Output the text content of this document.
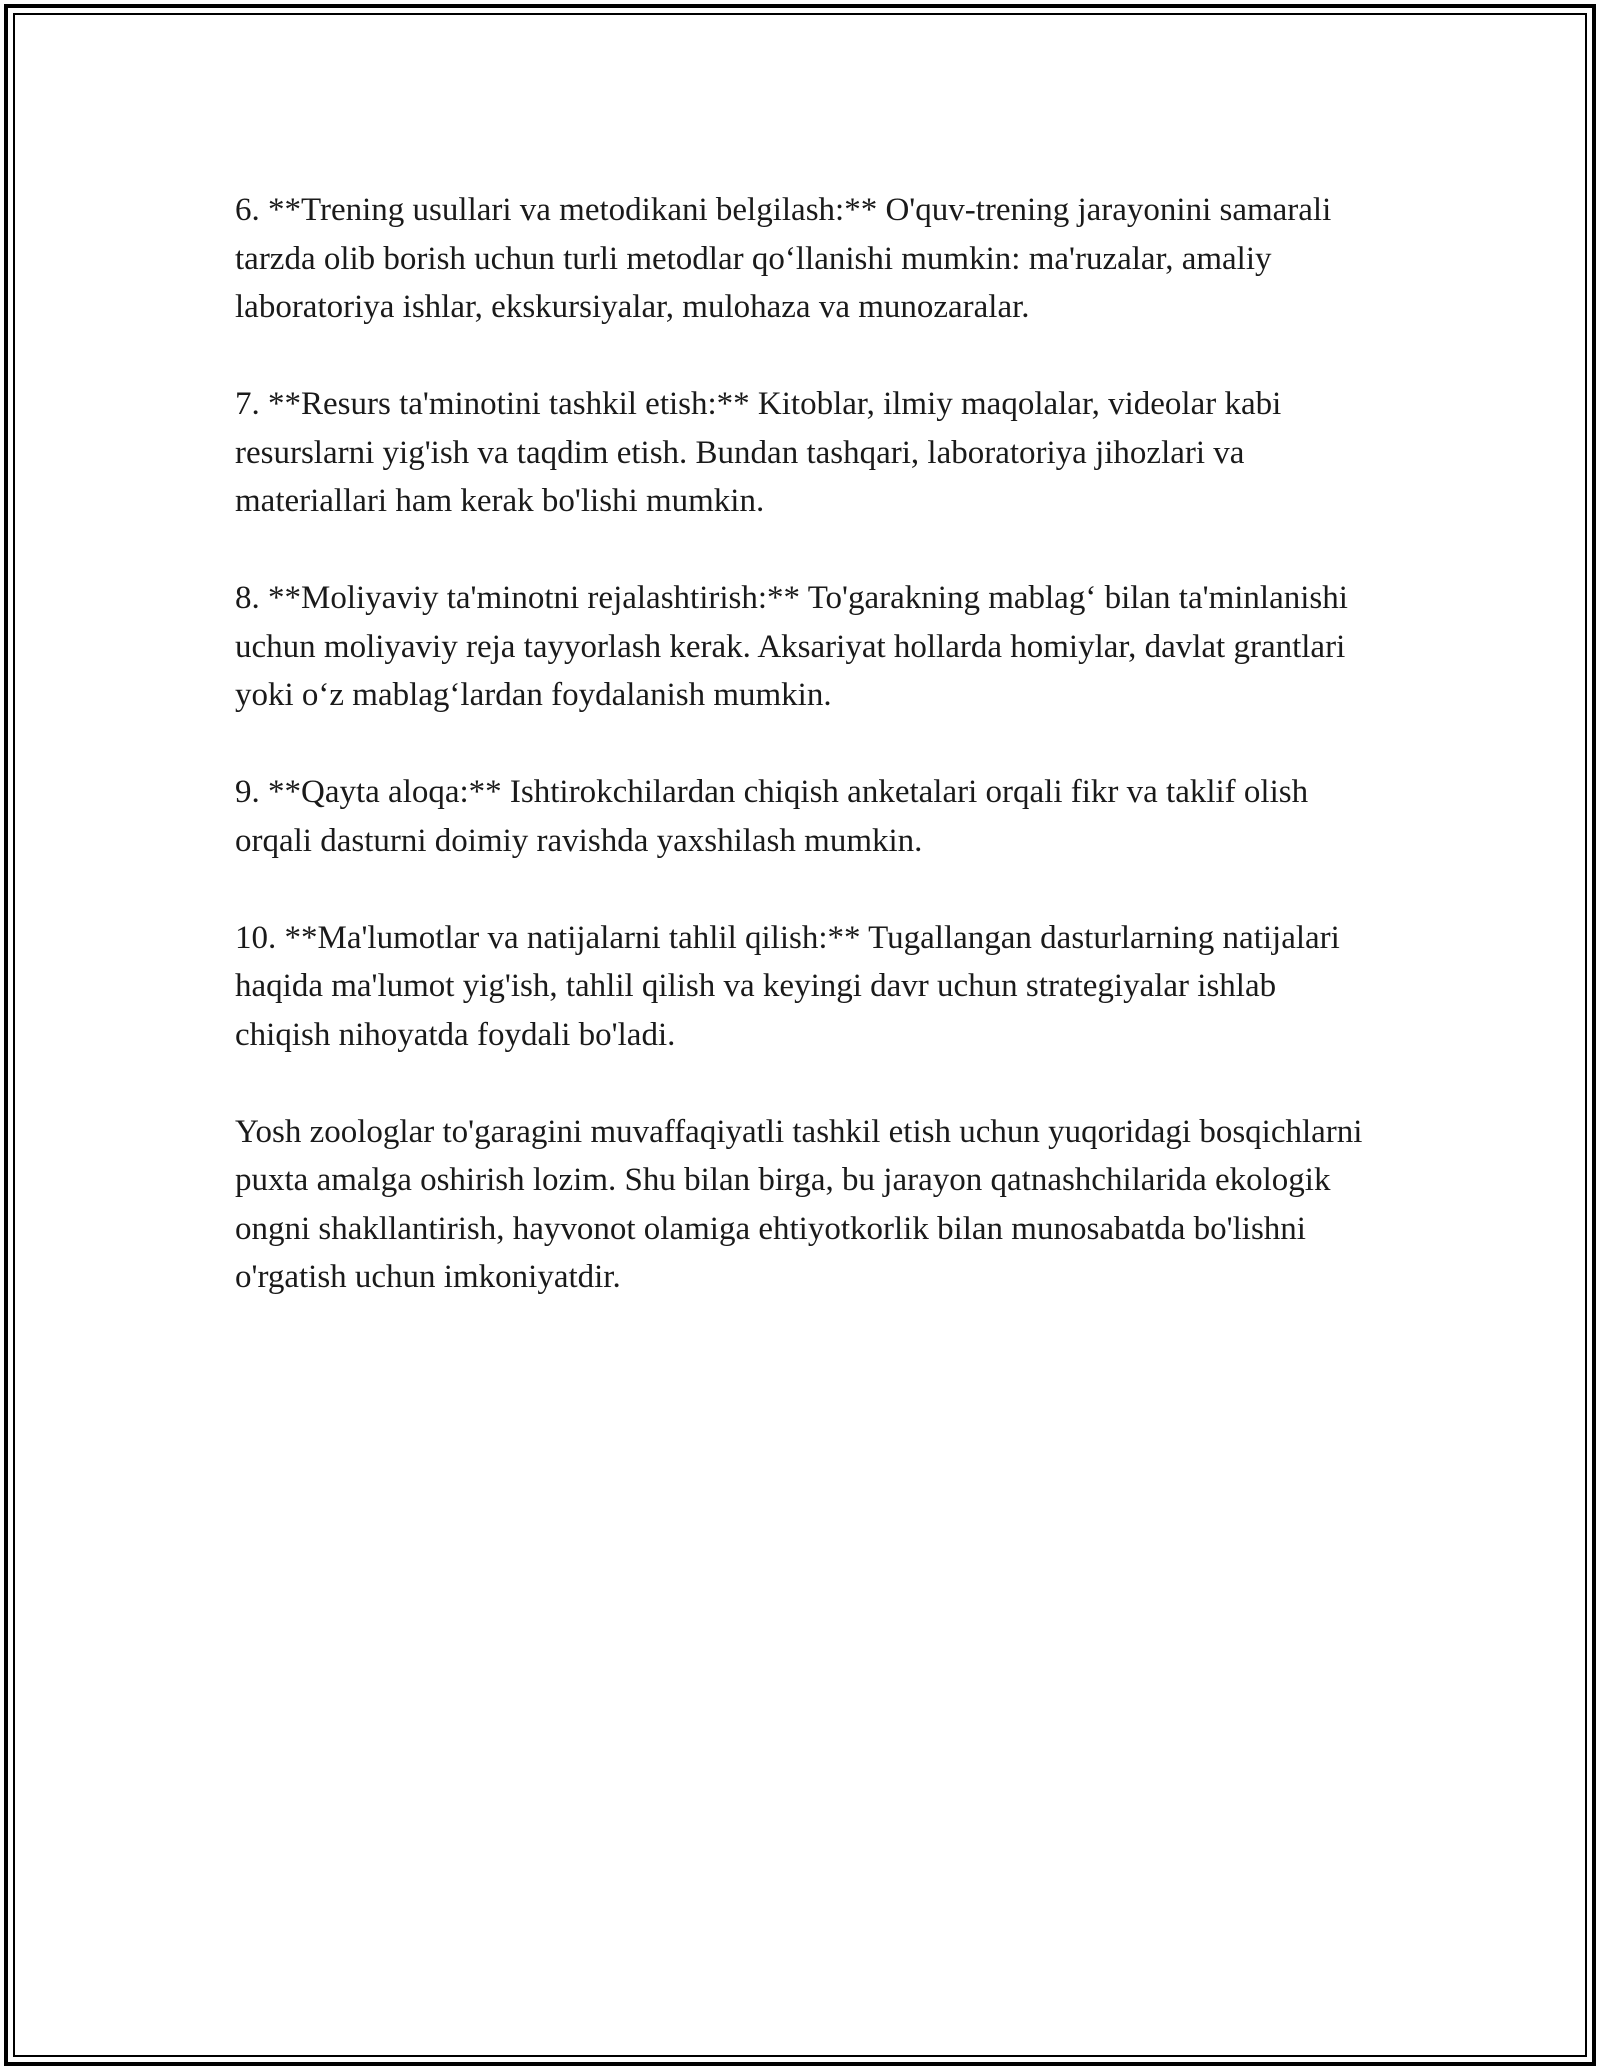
6. **Trening usullari va metodikani belgilash:** O'quv-trening jarayonini samarali tarzda olib borish uchun turli metodlar qo‘llanishi mumkin: ma'ruzalar, amaliy laboratoriya ishlar, ekskursiyalar, mulohaza va munozaralar.

7. **Resurs ta'minotini tashkil etish:** Kitoblar, ilmiy maqolalar, videolar kabi resurslarni yig'ish va taqdim etish. Bundan tashqari, laboratoriya jihozlari va materiallari ham kerak bo'lishi mumkin.

8. **Moliyaviy ta'minotni rejalashtirish:** To'garakning mablag‘ bilan ta'minlanishi uchun moliyaviy reja tayyorlash kerak. Aksariyat hollarda homiylar, davlat grantlari yoki o‘z mablag‘lardan foydalanish mumkin.

9. **Qayta aloqa:** Ishtirokchilardan chiqish anketalari orqali fikr va taklif olish orqali dasturni doimiy ravishda yaxshilash mumkin.

10. **Ma'lumotlar va natijalarni tahlil qilish:** Tugallangan dasturlarning natijalari haqida ma'lumot yig'ish, tahlil qilish va keyingi davr uchun strategiyalar ishlab chiqish nihoyatda foydali bo'ladi.

Yosh zoologlar to'garagini muvaffaqiyatli tashkil etish uchun yuqoridagi bosqichlarni puxta amalga oshirish lozim. Shu bilan birga, bu jarayon qatnashchilarida ekologik ongni shakllantirish, hayvonot olamiga ehtiyotkorlik bilan munosabatda bo'lishni o'rgatish uchun imkoniyatdir.
